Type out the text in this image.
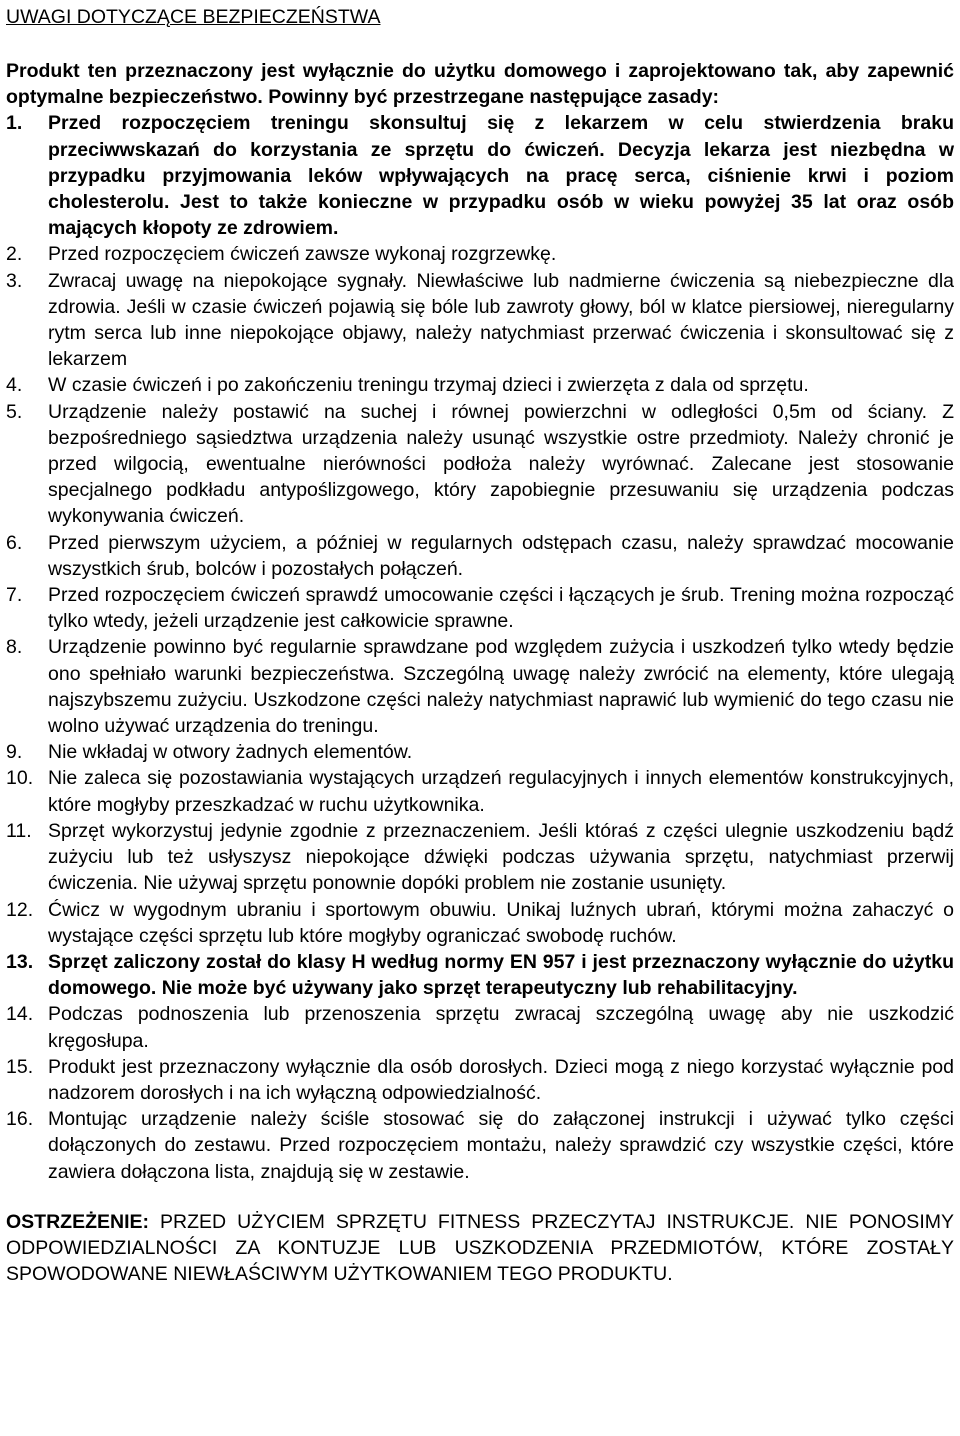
UWAGI DOTYCZĄCE BEZPIECZEŃSTWA

Produkt ten przeznaczony jest wyłącznie do użytku domowego i zaprojektowano tak, aby zapewnić optymalne bezpieczeństwo. Powinny być przestrzegane następujące zasady:

1. Przed rozpoczęciem treningu skonsultuj się z lekarzem w celu stwierdzenia braku przeciwwskazań do korzystania ze sprzętu do ćwiczeń. Decyzja lekarza jest niezbędna w przypadku przyjmowania leków wpływających na pracę serca, ciśnienie krwi i poziom cholesterolu. Jest to także konieczne w przypadku osób w wieku powyżej 35 lat oraz osób mających kłopoty ze zdrowiem.
2. Przed rozpoczęciem ćwiczeń zawsze wykonaj rozgrzewkę.
3. Zwracaj uwagę na niepokojące sygnały. Niewłaściwe lub nadmierne ćwiczenia są niebezpieczne dla zdrowia. Jeśli w czasie ćwiczeń pojawią się bóle lub zawroty głowy, ból w klatce piersiowej, nieregularny rytm serca lub inne niepokojące objawy, należy natychmiast przerwać ćwiczenia i skonsultować się z lekarzem
4. W czasie ćwiczeń i po zakończeniu treningu trzymaj dzieci i zwierzęta z dala od sprzętu.
5. Urządzenie należy postawić na suchej i równej powierzchni w odległości 0,5m od ściany. Z bezpośredniego sąsiedztwa urządzenia należy usunąć wszystkie ostre przedmioty. Należy chronić je przed wilgocią, ewentualne nierówności podłoża należy wyrównać. Zalecane jest stosowanie specjalnego podkładu antypoślizgowego, który zapobiegnie przesuwaniu się urządzenia podczas wykonywania ćwiczeń.
6. Przed pierwszym użyciem, a później w regularnych odstępach czasu, należy sprawdzać mocowanie wszystkich śrub, bolców i pozostałych połączeń.
7. Przed rozpoczęciem ćwiczeń sprawdź umocowanie części i łączących je śrub. Trening można rozpocząć tylko wtedy, jeżeli urządzenie jest całkowicie sprawne.
8. Urządzenie powinno być regularnie sprawdzane pod względem zużycia i uszkodzeń tylko wtedy będzie ono spełniało warunki bezpieczeństwa. Szczególną uwagę należy zwrócić na elementy, które ulegają najszybszemu zużyciu. Uszkodzone części należy natychmiast naprawić lub wymienić do tego czasu nie wolno używać urządzenia do treningu.
9. Nie wkładaj w otwory żadnych elementów.
10. Nie zaleca się pozostawiania wystających urządzeń regulacyjnych i innych elementów konstrukcyjnych, które mogłyby przeszkadzać w ruchu użytkownika.
11. Sprzęt wykorzystuj jedynie zgodnie z przeznaczeniem. Jeśli któraś z części ulegnie uszkodzeniu bądź zużyciu lub też usłyszysz niepokojące dźwięki podczas używania sprzętu, natychmiast przerwij ćwiczenia. Nie używaj sprzętu ponownie dopóki problem nie zostanie usunięty.
12. Ćwicz w wygodnym ubraniu i sportowym obuwiu. Unikaj luźnych ubrań, którymi można zahaczyć o wystające części sprzętu lub które mogłyby ograniczać swobodę ruchów.
13. Sprzęt zaliczony został do klasy H według normy EN 957 i jest przeznaczony wyłącznie do użytku domowego. Nie może być używany jako sprzęt terapeutyczny lub rehabilitacyjny.
14. Podczas podnoszenia lub przenoszenia sprzętu zwracaj szczególną uwagę aby nie uszkodzić kręgosłupa.
15. Produkt jest przeznaczony wyłącznie dla osób dorosłych. Dzieci mogą z niego korzystać wyłącznie pod nadzorem dorosłych i na ich wyłączną odpowiedzialność.
16. Montując urządzenie należy ściśle stosować się do załączonej instrukcji i używać tylko części dołączonych do zestawu. Przed rozpoczęciem montażu, należy sprawdzić czy wszystkie części, które zawiera dołączona lista, znajdują się w zestawie.

OSTRZEŻENIE: PRZED UŻYCIEM SPRZĘTU FITNESS PRZECZYTAJ INSTRUKCJE. NIE PONOSIMY ODPOWIEDZIALNOŚCI ZA KONTUZJE LUB USZKODZENIA PRZEDMIOTÓW, KTÓRE ZOSTAŁY SPOWODOWANE NIEWŁAŚCIWYM UŻYTKOWANIEM TEGO PRODUKTU.
